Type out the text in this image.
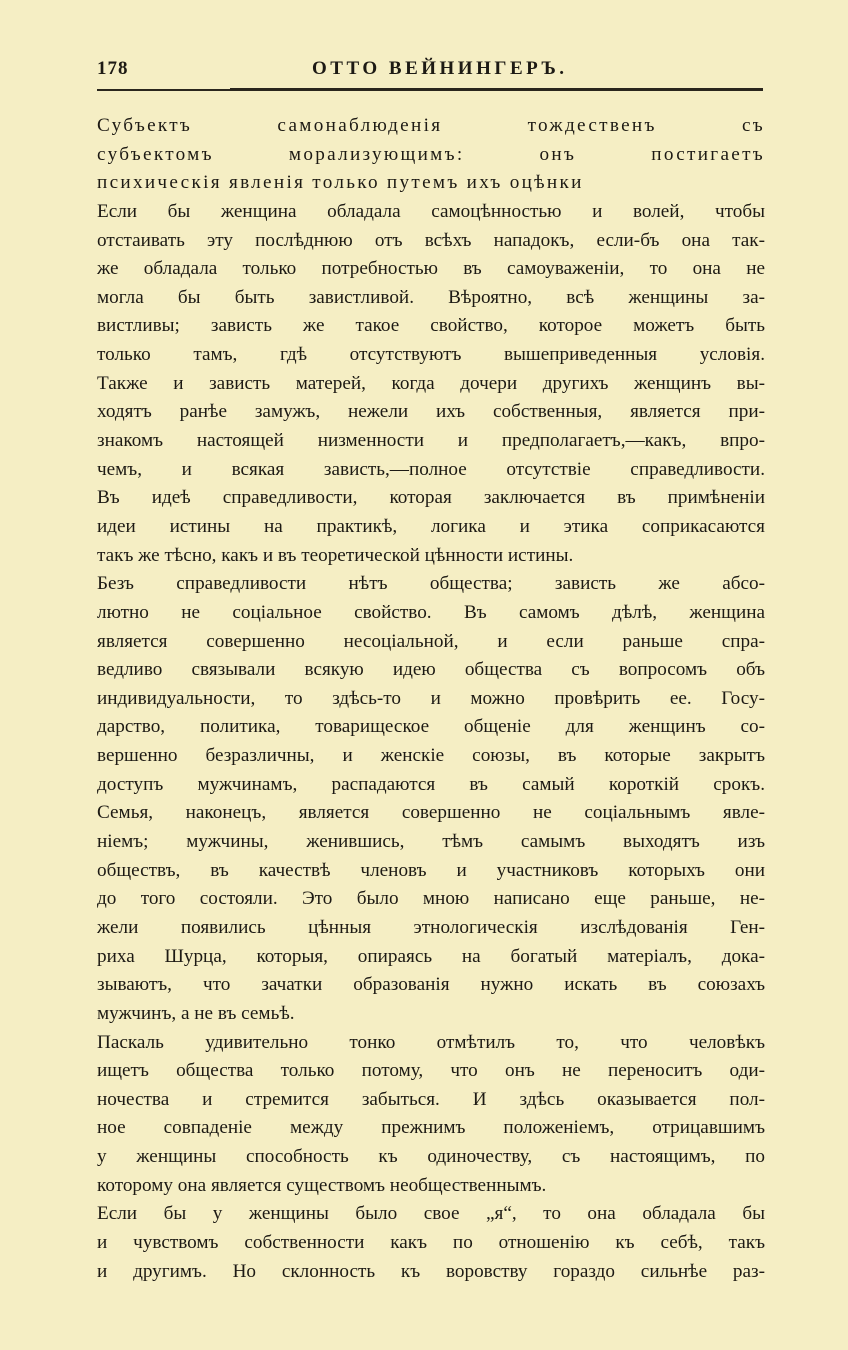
178	ОТТО ВЕЙНИНГЕРЪ.
Субъектъ самонаблюденія тождественъ съ
субъектомъ морализующимъ: онъ постигаетъ
психическія явленія только путемъ ихъ оцѣнки
Если бы женщина обладала самоцѣнностью и волей, чтобы
отстаивать эту послѣднюю отъ всѣхъ нападокъ, если-бъ она так-
же обладала только потребностью въ самоуваженіи, то она не
могла бы быть завистливой. Вѣроятно, всѣ женщины за-
вистливы; зависть же такое свойство, которое можетъ быть
только тамъ, гдѣ отсутствуютъ вышеприведенныя условія.
Также и зависть матерей, когда дочери другихъ женщинъ вы-
ходятъ ранѣе замужъ, нежели ихъ собственныя, является при-
знакомъ настоящей низменности и предполагаетъ,—какъ, впро-
чемъ, и всякая зависть,—полное отсутствіе справедливости.
Въ идеѣ справедливости, которая заключается въ примѣненіи
идеи истины на практикѣ, логика и этика соприкасаются
такъ же тѣсно, какъ и въ теоретической цѣнности истины.
Безъ справедливости нѣтъ общества; зависть же абсо-
лютно не соціальное свойство. Въ самомъ дѣлѣ, женщина
является совершенно несоціальной, и если раньше спра-
ведливо связывали всякую идею общества съ вопросомъ объ
индивидуальности, то здѣсь-то и можно провѣрить ее. Госу-
дарство, политика, товарищеское общеніе для женщинъ со-
вершенно безразличны, и женскіе союзы, въ которые закрытъ
доступъ мужчинамъ, распадаются въ самый короткій срокъ.
Семья, наконецъ, является совершенно не соціальнымъ явле-
ніемъ; мужчины, женившись, тѣмъ самымъ выходятъ изъ
обществъ, въ качествѣ членовъ и участниковъ которыхъ они
до того состояли. Это было мною написано еще раньше, не-
жели появились цѣнныя этнологическія изслѣдованія Ген-
риха Шурца, которыя, опираясь на богатый матеріалъ, дока-
зываютъ, что зачатки образованія нужно искать въ союзахъ
мужчинъ, а не въ семьѣ.
Паскаль удивительно тонко отмѣтилъ то, что человѣкъ
ищетъ общества только потому, что онъ не переноситъ оди-
ночества и стремится забыться. И здѣсь оказывается пол-
ное совпаденіе между прежнимъ положеніемъ, отрицавшимъ
у женщины способность къ одиночеству, съ настоящимъ, по
которому она является существомъ необщественнымъ.
Если бы у женщины было свое „я“, то она обладала бы
и чувствомъ собственности какъ по отношенію къ себѣ, такъ
и другимъ. Но склонность къ воровству гораздо сильнѣе раз-
